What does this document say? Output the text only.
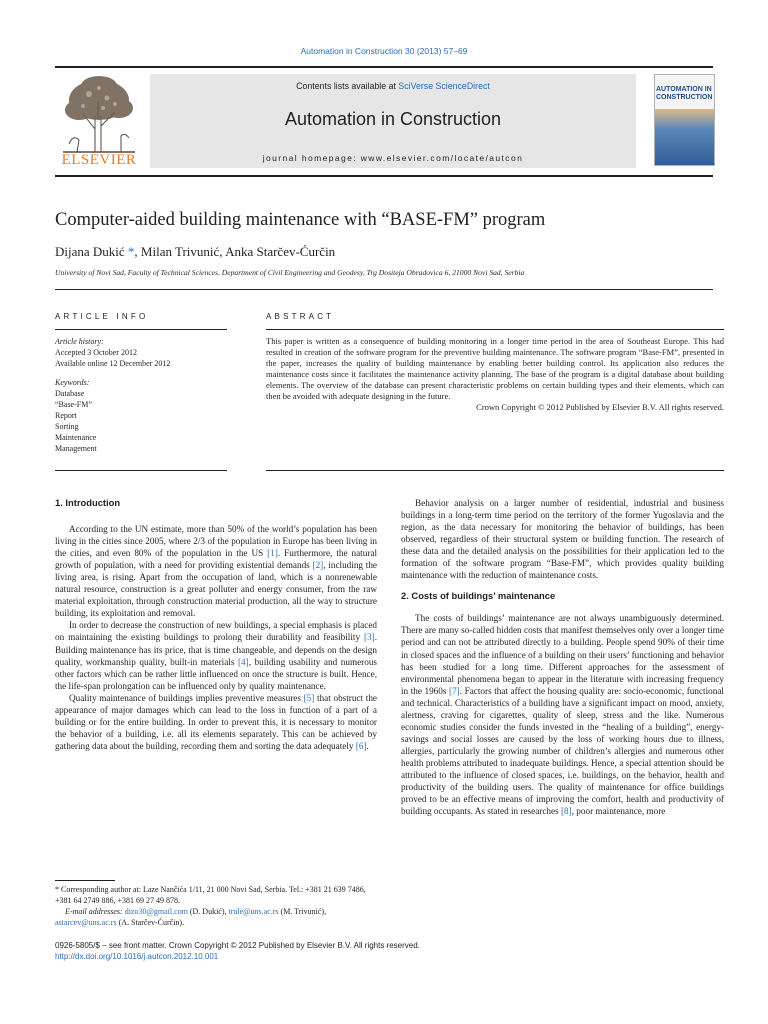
Automation in Construction 30 (2013) 57–69
ELSEVIER
Contents lists available at SciVerse ScienceDirect
Automation in Construction
journal homepage: www.elsevier.com/locate/autcon
AUTOMATION IN CONSTRUCTION
Computer-aided building maintenance with “BASE-FM” program
Dijana Dukić *, Milan Trivunić, Anka Starčev-Ćurčin
University of Novi Sad, Faculty of Technical Sciences, Department of Civil Engineering and Geodesy, Trg Dositeja Obradovica 6, 21000 Novi Sad, Serbia
ARTICLE INFO	ABSTRACT
Article history:
Accepted 3 October 2012
Available online 12 December 2012
Keywords:
Database
“Base-FM”
Report
Sorting
Maintenance
Management
This paper is written as a consequence of building monitoring in a longer time period in the area of Southeast Europe. This had resulted in creation of the software program for the preventive building maintenance. The software program “Base-FM”, presented in the paper, increases the quality of building maintenance by enabling better building control. Its application also reduces the maintenance costs since it facilitates the maintenance activity planning. The base of the program is a digital database about building elements. The overview of the database can present characteristic problems on certain building types and their elements, which can then be avoided with adequate designing in the future.
Crown Copyright © 2012 Published by Elsevier B.V. All rights reserved.
1. Introduction

According to the UN estimate, more than 50% of the world’s population has been living in the cities since 2005, where 2/3 of the population in Europe has been living in the cities, and even 80% of the population in the US [1]. Furthermore, the natural growth of population, with a need for providing existential demands [2], including the living area, is rising. Apart from the occupation of land, which is a nonrenewable natural resource, construction is a great polluter and energy consumer, from the raw material exploitation, through construction material production, all the way to structure building, its exploitation and removal.

In order to decrease the construction of new buildings, a special emphasis is placed on maintaining the existing buildings to prolong their durability and feasibility [3]. Building maintenance has its price, that is time changeable, and depends on the design quality, workmanship quality, built-in materials [4], building usability and numerous other factors which can be rather little influenced on once the structure is built. Hence, the life-span prolongation can be influenced only by quality maintenance.

Quality maintenance of buildings implies preventive measures [5] that obstruct the appearance of major damages which can lead to the loss in function of a part of a building or for the entire building. In order to prevent this, it is necessary to monitor the behavior of a building, i.e. all its elements separately. This can be achieved by gathering data about the building, recording them and sorting the data adequately [6].

Behavior analysis on a larger number of residential, industrial and business buildings in a long-term time period on the territory of the former Yugoslavia and the region, as the data necessary for monitoring the behavior of buildings, has been observed, regardless of their structural system or building function. The research of these data and the detailed analysis on the possibilities for their application led to the formation of the software program “Base-FM”, which provides quality building maintenance with the reduction of maintenance costs.

2. Costs of buildings’ maintenance

The costs of buildings’ maintenance are not always unambiguously determined. There are many so-called hidden costs that manifest themselves only over a longer time period and can not be attributed directly to a building. People spend 90% of their time in closed spaces and the influence of a building on their users’ functioning and behavior has been studied for a long time. Different approaches for the assessment of environmental phenomena began to appear in the literature with increasing frequency in the 1960s [7]. Factors that affect the housing quality are: socio-economic, functional and technical. Characteristics of a building have a significant impact on mood, anxiety, alertness, craving for cigarettes, quality of sleep, stress and the like. Numerous economic studies consider the funds invested in the “healing of a building”, energy-savings and social losses are caused by the loss of working hours due to illness, allergies, particularly the growing number of children’s allergies and numerous other health problems attributed to inadequate buildings. Hence, a special attention should be attributed to the influence of closed spaces, i.e. buildings, on the behavior, health and productivity of the building users. The quality of maintenance for office buildings proved to be an effective means of improving the comfort, health and productivity of building occupants. As stated in researches [8], poor maintenance, more

* Corresponding author at: Laze Nančića 1/11, 21 000 Novi Sad, Serbia. Tel.: +381 21 639 7486, +381 64 2749 886, +381 69 27 49 878.
E-mail addresses: dizo30@gmail.com (D. Dukić), trule@uns.ac.rs (M. Trivunić),
astarcev@uns.ac.rs (A. Starčev-Ćurčin).
0926-5805/$ – see front matter. Crown Copyright © 2012 Published by Elsevier B.V. All rights reserved.
http://dx.doi.org/10.1016/j.autcon.2012.10.001
